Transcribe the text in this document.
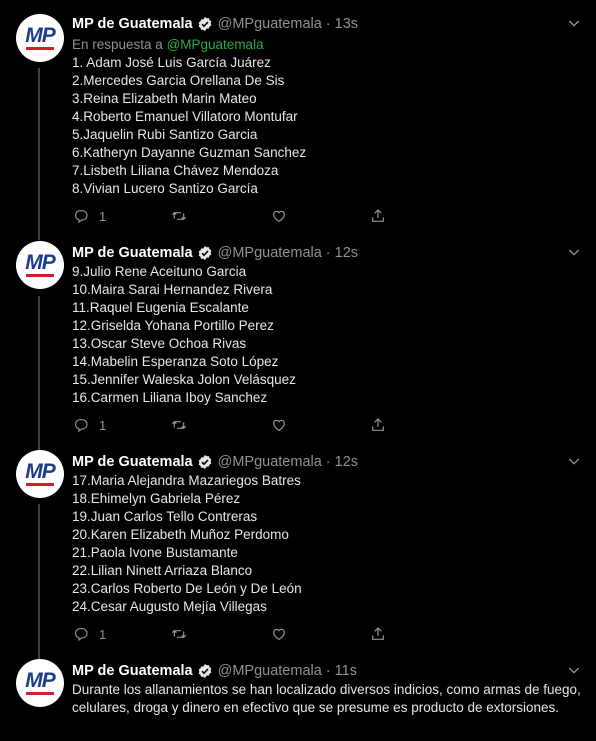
MP MP de Guatemala @MPguatemala · 13s
En respuesta a @MPguatemala
1. Adam José Luis García Juárez
2.Mercedes Garcia Orellana De Sis
3.Reina Elizabeth Marin Mateo
4.Roberto Emanuel Villatoro Montufar
5.Jaquelin Rubi Santizo Garcia
6.Katheryn Dayanne Guzman Sanchez
7.Lisbeth Liliana Chávez Mendoza
8.Vivian Lucero Santizo García
1
MP MP de Guatemala @MPguatemala · 12s
9.Julio Rene Aceituno Garcia
10.Maira Sarai Hernandez Rivera
11.Raquel Eugenia Escalante
12.Griselda Yohana Portillo Perez
13.Oscar Steve Ochoa Rivas
14.Mabelin Esperanza Soto López
15.Jennifer Waleska Jolon Velásquez
16.Carmen Liliana Iboy Sanchez
1
MP MP de Guatemala @MPguatemala · 12s
17.Maria Alejandra Mazariegos Batres
18.Ehimelyn Gabriela Pérez
19.Juan Carlos Tello Contreras
20.Karen Elizabeth Muñoz Perdomo
21.Paola Ivone Bustamante
22.Lilian Ninett Arriaza Blanco
23.Carlos Roberto De León y De León
24.Cesar Augusto Mejía Villegas
1
MP MP de Guatemala @MPguatemala · 11s
Durante los allanamientos se han localizado diversos indicios, como armas de fuego, celulares, droga y dinero en efectivo que se presume es producto de extorsiones.
